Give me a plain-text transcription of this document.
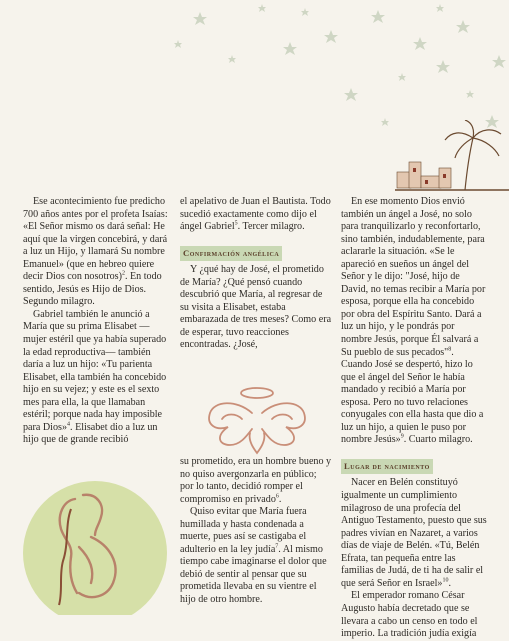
Ese acontecimiento fue predicho 700 años antes por el profeta Isaías: «El Señor mismo os dará señal: He aquí que la virgen concebirá, y dará a luz un Hijo, y llamará Su nombre Emanuel» (que en hebreo quiere decir Dios con nosotros)$^2$. En todo sentido, Jesús es Hijo de Dios. Segundo milagro.

Gabriel también le anunció a María que su prima Elisabet —mujer estéril que ya había superado la edad reproductiva— también daría a luz un hijo: «Tu parienta Elisabet, ella también ha concebido hijo en su vejez; y este es el sexto mes para ella, la que llamaban estéril; porque nada hay imposible para Dios»$^4$. Elisabet dio a luz un hijo que de grande recibió

el apelativo de Juan el Bautista. Todo sucedió exactamente como dijo el ángel Gabriel$^5$. Tercer milagro.

Confirmación angélica

Y ¿qué hay de José, el prometido de María? ¿Qué pensó cuando descubrió que María, al regresar de su visita a Elisabet, estaba embarazada de tres meses? Como era de esperar, tuvo reacciones encontradas. ¿José,

su prometido, era un hombre bueno y no quiso avergonzarla en público; por lo tanto, decidió romper el compromiso en privado$^6$.

Quiso evitar que María fuera humillada y hasta condenada a muerte, pues así se castigaba el adulterio en la ley judía$^7$. Al mismo tiempo cabe imaginarse el dolor que debió de sentir al pensar que su prometida llevaba en su vientre el hijo de otro hombre.

En ese momento Dios envió también un ángel a José, no solo para tranquilizarlo y reconfortarlo, sino también, indudablemente, para aclararle la situación. «Se le apareció en sueños un ángel del Señor y le dijo: "José, hijo de David, no temas recibir a María por esposa, porque ella ha concebido por obra del Espíritu Santo. Dará a luz un hijo, y le pondrás por nombre Jesús, porque Él salvará a Su pueblo de sus pecados"$^8$. Cuando José se despertó, hizo lo que el ángel del Señor le había mandado y recibió a María por esposa. Pero no tuvo relaciones conyugales con ella hasta que dio a luz un hijo, a quien le puso por nombre Jesús»$^9$. Cuarto milagro.

Lugar de nacimiento

Nacer en Belén constituyó igualmente un cumplimiento milagroso de una profecía del Antiguo Testamento, puesto que sus padres vivían en Nazaret, a varios días de viaje de Belén. «Tú, Belén Efrata, tan pequeña entre las familias de Judá, de ti ha de salir el que será Señor en Israel»$^{10}$.

El emperador romano César Augusto había decretado que se llevara a cabo un censo en todo el imperio. La tradición judía exigía
